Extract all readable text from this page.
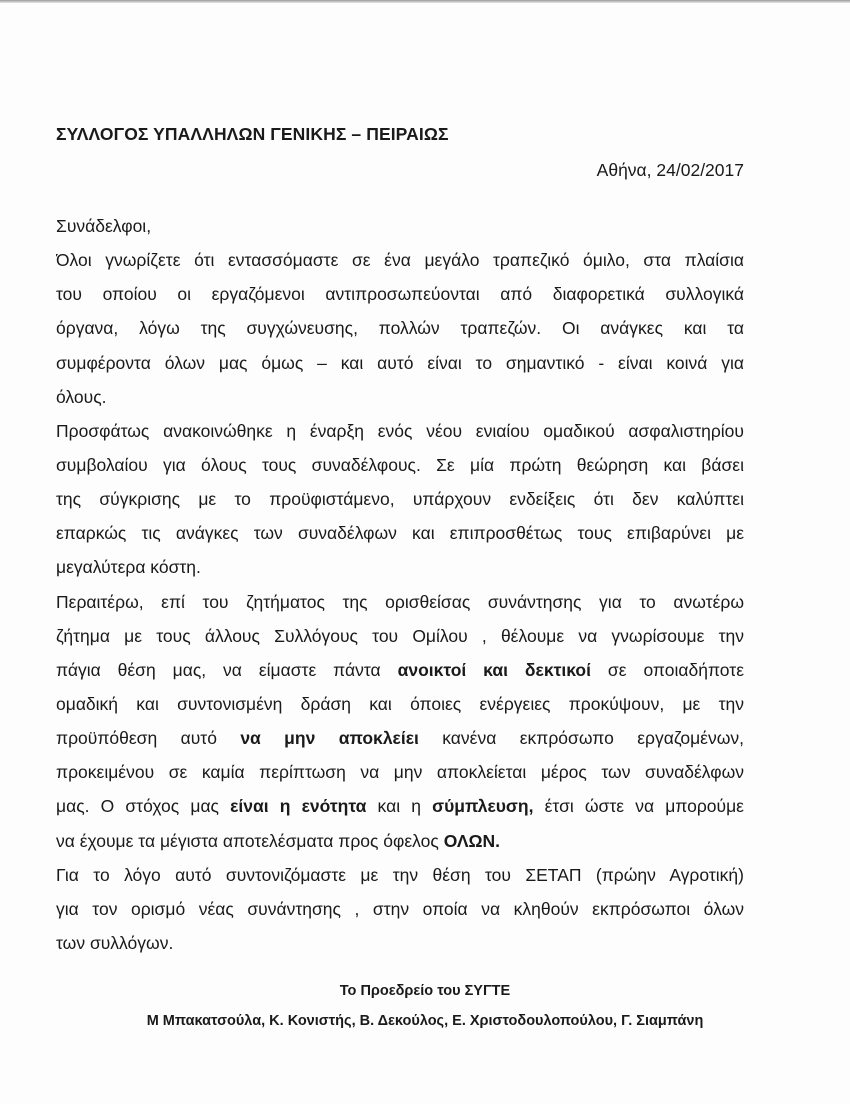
ΣΥΛΛΟΓΟΣ ΥΠΑΛΛΗΛΩΝ ΓΕΝΙΚΗΣ – ΠΕΙΡΑΙΩΣ
Αθήνα, 24/02/2017
Συνάδελφοι,
Όλοι γνωρίζετε ότι εντασσόμαστε σε ένα μεγάλο τραπεζικό όμιλο, στα πλαίσια
του οποίου οι εργαζόμενοι αντιπροσωπεύονται από διαφορετικά συλλογικά
όργανα, λόγω της συγχώνευσης, πολλών τραπεζών. Οι ανάγκες και τα
συμφέροντα όλων μας όμως – και αυτό είναι το σημαντικό - είναι κοινά για
όλους.
Προσφάτως ανακοινώθηκε η έναρξη ενός νέου ενιαίου ομαδικού ασφαλιστηρίου
συμβολαίου για όλους τους συναδέλφους. Σε μία πρώτη θεώρηση και βάσει
της σύγκρισης με το προϋφιστάμενο, υπάρχουν ενδείξεις ότι δεν καλύπτει
επαρκώς τις ανάγκες των συναδέλφων και επιπροσθέτως τους επιβαρύνει με
μεγαλύτερα κόστη.
Περαιτέρω, επί του ζητήματος της ορισθείσας συνάντησης για το ανωτέρω
ζήτημα με τους άλλους Συλλόγους του Ομίλου , θέλουμε να γνωρίσουμε την
πάγια θέση μας, να είμαστε πάντα ανοικτοί και δεκτικοί σε οποιαδήποτε
ομαδική και συντονισμένη δράση και όποιες ενέργειες προκύψουν, με την
προϋπόθεση αυτό να μην αποκλείει κανένα εκπρόσωπο εργαζομένων,
προκειμένου σε καμία περίπτωση να μην αποκλείεται μέρος των συναδέλφων
μας. Ο στόχος μας είναι η ενότητα και η σύμπλευση, έτσι ώστε να μπορούμε
να έχουμε τα μέγιστα αποτελέσματα προς όφελος ΟΛΩΝ.
Για το λόγο αυτό συντονιζόμαστε με την θέση του ΣΕΤΑΠ (πρώην Αγροτική)
για τον ορισμό νέας συνάντησης , στην οποία να κληθούν εκπρόσωποι όλων
των συλλόγων.
Το Προεδρείο του ΣΥΓΤΕ
Μ Μπακατσούλα, Κ. Κονιστής, Β. Δεκούλος, Ε. Χριστοδουλοπούλου, Γ. Σιαμπάνη
